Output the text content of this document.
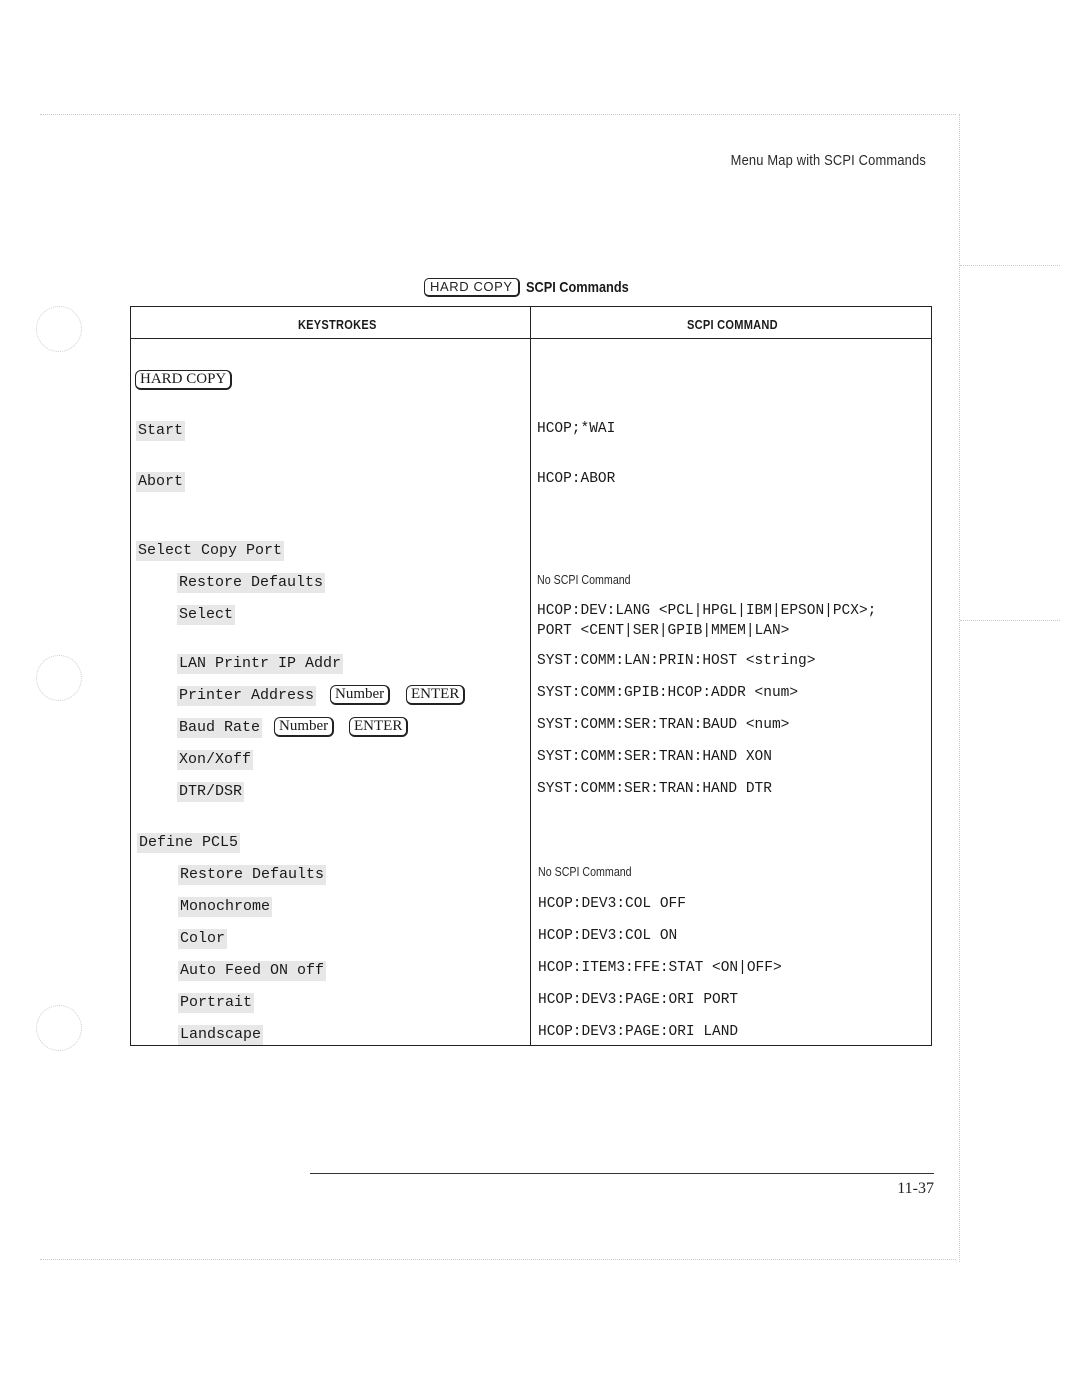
Menu Map with SCPI Commands
HARD COPY SCPI Commands
KEYSTROKES	SCPI COMMAND
HARD COPY
Start	HCOP;*WAI
Abort	HCOP:ABOR
Select Copy Port
Restore Defaults	No SCPI Command
Select	HCOP:DEV:LANG <PCL|HPGL|IBM|EPSON|PCX>;
PORT <CENT|SER|GPIB|MMEM|LAN>
LAN Printr IP Addr	SYST:COMM:LAN:PRIN:HOST <string>
Printer Address	Number	ENTER	SYST:COMM:GPIB:HCOP:ADDR <num>
Baud Rate	Number	ENTER	SYST:COMM:SER:TRAN:BAUD <num>
Xon/Xoff	SYST:COMM:SER:TRAN:HAND XON
DTR/DSR	SYST:COMM:SER:TRAN:HAND DTR
Define PCL5
Restore Defaults	No SCPI Command
Monochrome	HCOP:DEV3:COL OFF
Color	HCOP:DEV3:COL ON
Auto Feed ON off	HCOP:ITEM3:FFE:STAT <ON|OFF>
Portrait	HCOP:DEV3:PAGE:ORI PORT
Landscape	HCOP:DEV3:PAGE:ORI LAND
11-37
